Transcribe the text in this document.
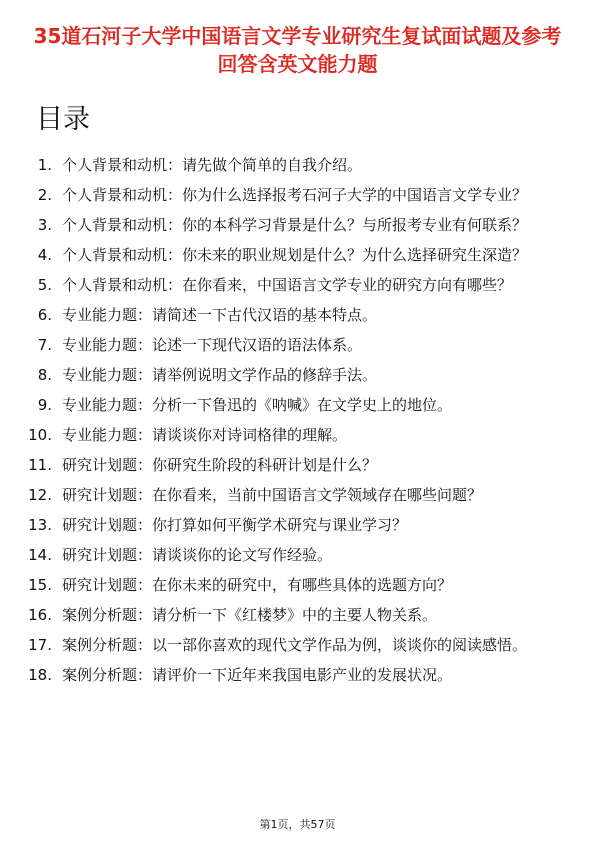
35道石河子大学中国语言文学专业研究生复试面试题及参考回答含英文能力题
目录
1. 个人背景和动机：请先做个简单的自我介绍。
2. 个人背景和动机：你为什么选择报考石河子大学的中国语言文学专业？
3. 个人背景和动机：你的本科学习背景是什么？与所报考专业有何联系？
4. 个人背景和动机：你未来的职业规划是什么？为什么选择研究生深造？
5. 个人背景和动机：在你看来，中国语言文学专业的研究方向有哪些？
6. 专业能力题：请简述一下古代汉语的基本特点。
7. 专业能力题：论述一下现代汉语的语法体系。
8. 专业能力题：请举例说明文学作品的修辞手法。
9. 专业能力题：分析一下鲁迅的《呐喊》在文学史上的地位。
10. 专业能力题：请谈谈你对诗词格律的理解。
11. 研究计划题：你研究生阶段的科研计划是什么？
12. 研究计划题：在你看来，当前中国语言文学领域存在哪些问题？
13. 研究计划题：你打算如何平衡学术研究与课业学习？
14. 研究计划题：请谈谈你的论文写作经验。
15. 研究计划题：在你未来的研究中，有哪些具体的选题方向？
16. 案例分析题：请分析一下《红楼梦》中的主要人物关系。
17. 案例分析题：以一部你喜欢的现代文学作品为例，谈谈你的阅读感悟。
18. 案例分析题：请评价一下近年来我国电影产业的发展状况。
第1页，共57页
